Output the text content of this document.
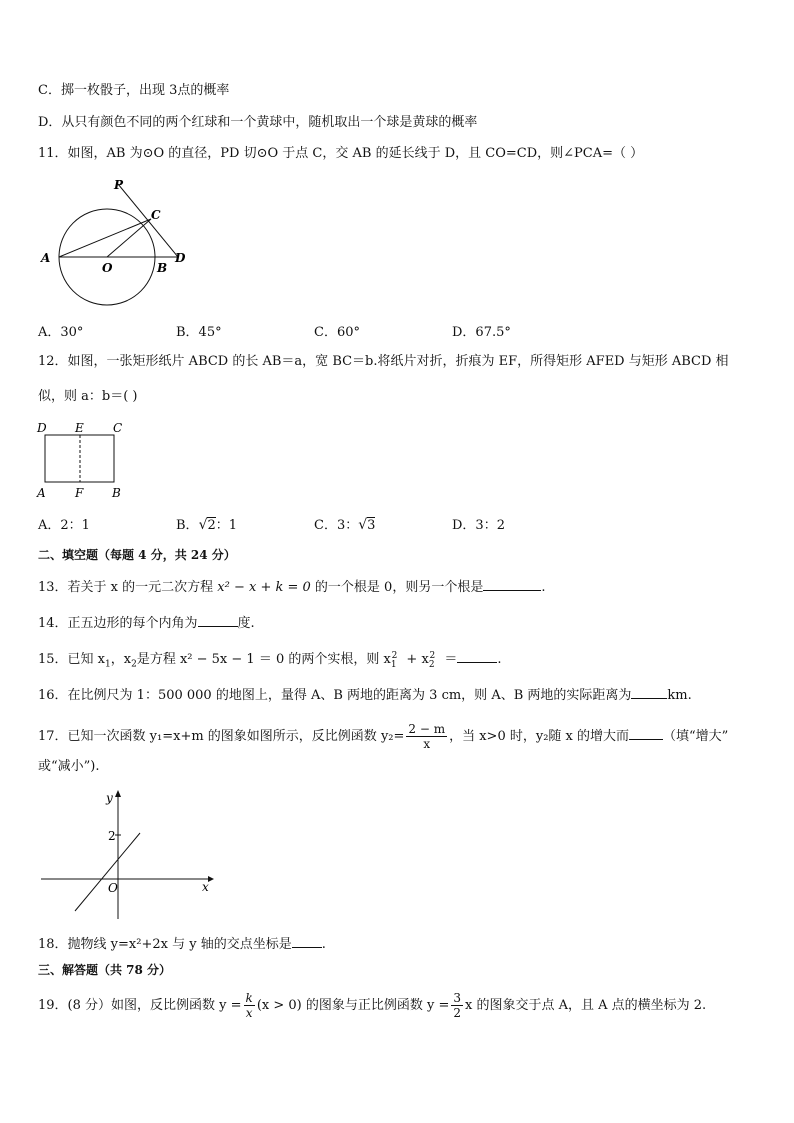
C．掷一枚骰子，出现 3点的概率
D．从只有颜色不同的两个红球和一个黄球中，随机取出一个球是黄球的概率
11．如图，AB 为⊙O 的直径，PD 切⊙O 于点 C，交 AB 的延长线于 D，且 CO=CD，则∠PCA=（ ）
P
C
A
O	B
D
A．30°	B．45°	C．60°	D．67.5°
12．如图，一张矩形纸片 ABCD 的长 AB＝a，宽 BC＝b.将纸片对折，折痕为 EF，所得矩形 AFED 与矩形 ABCD 相
似，则 a：b＝( )
D E C
A F B
A．2：1	B．√2：1	C．3：√3	D．3：2
二、填空题（每题 4 分，共 24 分）
13．若关于 x 的一元二次方程 x² − x + k = 0 的一个根是 0，则另一个根是	.
14．正五边形的每个内角为	度.
15．已知 $x_1$，$x_2$是方程 x² − 5x − 1 ＝ 0 的两个实根，则 $x_1^2 + x_2^2$ ＝	.
16．在比例尺为 1：500 000 的地图上，量得 A、B 两地的距离为 3 cm，则 A、B 两地的实际距离为	km.
17．已知一次函数 y₁=x+m 的图象如图所示，反比例函数 $y_2= \frac{2 - m}{x}$ ，当 x>0 时，y₂随 x 的增大而	（填“增大”
或“减小”).
y
x
O
2
18．抛物线 y=x²+2x 与 y 轴的交点坐标是 .
三、解答题（共 78 分）
19．(8 分）如图，反比例函数 $y = \frac{k}{x} (x > 0)$ 的图象与正比例函数 $y = \frac{3}{2}$ x 的图象交于点 A，且 A 点的横坐标为 2.
